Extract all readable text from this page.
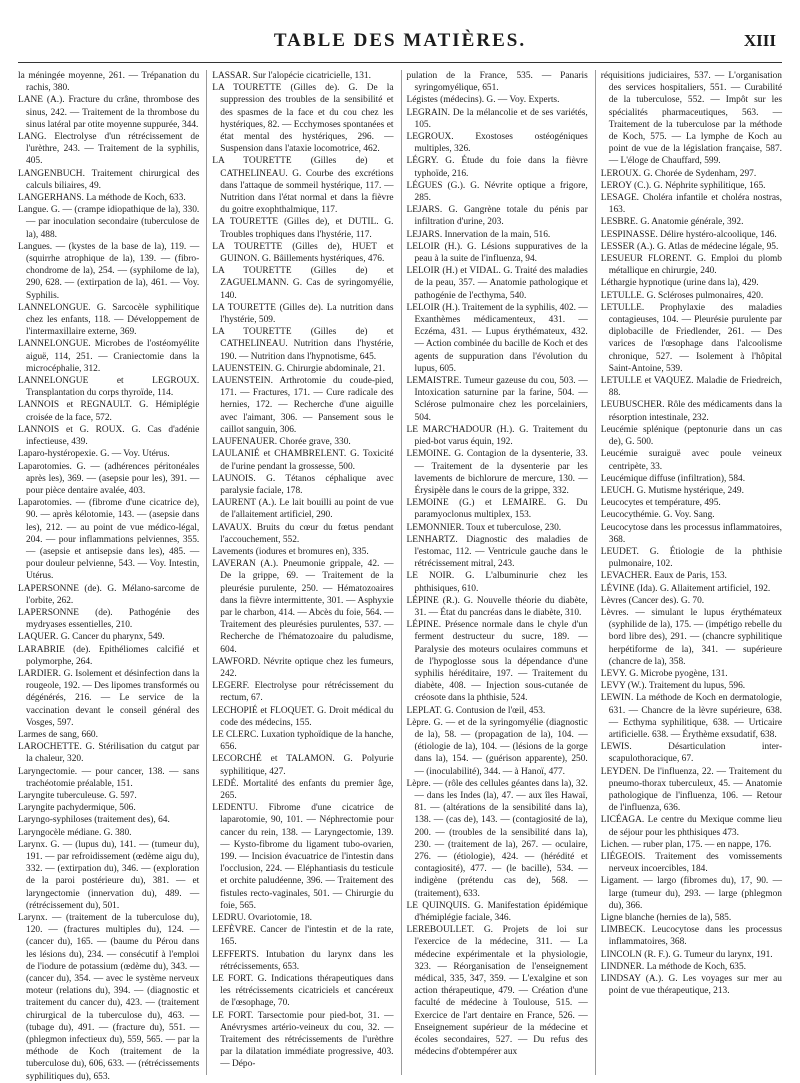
TABLE DES MATIÈRES.	XIII

la méningée moyenne, 261. — Trépanation du rachis, 380.

LANE (A.). Fracture du crâne, thrombose des sinus, 242. — Traitement de la thrombose du sinus latéral par otite moyenne suppurée, 344.

LANG. Electrolyse d'un rétrécissement de l'urèthre, 243. — Traitement de la syphilis, 405.

LANGENBUCH. Traitement chirurgical des calculs biliaires, 49.

LANGERHANS. La méthode de Koch, 633.

Langue. G. — (crampe idiopathique de la), 330. — par inoculation secondaire (tuberculose de la), 488.

Langues. — (kystes de la base de la), 119. — (squirrhe atrophique de la), 139. — (fibro-chondrome de la), 254. — (syphilome de la), 290, 628. — (extirpation de la), 461. — Voy. Syphilis.

LANNELONGUE. G. Sarcocèle syphilitique chez les enfants, 118. — Développement de l'intermaxillaire externe, 369.

LANNELONGUE. Microbes de l'ostéomyélite aiguë, 114, 251. — Craniectomie dans la microcéphalie, 312.

LANNELONGUE et LEGROUX. Transplantation du corps thyroïde, 114.

LANNOIS et REGNAULT. G. Hémiplégie croisée de la face, 572.

LANNOIS et G. ROUX. G. Cas d'adénie infectieuse, 439.

Laparo-hystéropexie. G. — Voy. Utérus.

Laparotomies. G. — (adhérences péritonéales après les), 369. — (asepsie pour les), 391. — pour pièce dentaire avalée, 403.

Laparotomies. — (fibrome d'une cicatrice de), 90. — après kélotomie, 143. — (asepsie dans les), 212. — au point de vue médico-légal, 204. — pour inflammations pelviennes, 355. — (asepsie et antisepsie dans les), 485. — pour douleur pelvienne, 543. — Voy. Intestin, Utérus.

LAPERSONNE (de). G. Mélano-sarcome de l'orbite, 262.

LAPERSONNE (de). Pathogénie des mydryases essentielles, 210.

LAQUER. G. Cancer du pharynx, 549.

LARABRIE (de). Epithéliomes calcifié et polymorphe, 264.

LARDIER. G. Isolement et désinfection dans la rougeole, 192. — Des lipomes transformés ou dégénérés, 216. — Le service de la vaccination devant le conseil général des Vosges, 597.

Larmes de sang, 660.

LAROCHETTE. G. Stérilisation du catgut par la chaleur, 320.

Laryngectomie. — pour cancer, 138. — sans trachéotomie préalable, 151.

Laryngite tuberculeuse. G. 597.

Laryngite pachydermique, 506.

Laryngo-syphiloses (traitement des), 64.

Laryngocèle médiane. G. 380.

Larynx. G. — (lupus du), 141. — (tumeur du), 191. — par refroidissement (œdème aigu du), 332. — (extirpation du), 346. — (exploration de la paroi postérieure du), 381. — et laryngectomie (innervation du), 489. — (rétrécissement du), 501.

Larynx. — (traitement de la tuberculose du), 120. — (fractures multiples du), 124. — (cancer du), 165. — (baume du Pérou dans les lésions du), 234. — consécutif à l'emploi de l'iodure de potassium (œdème du), 343. — (cancer du), 354. — avec le système nerveux moteur (relations du), 394. — (diagnostic et traitement du cancer du), 423. — (traitement chirurgical de la tuberculose du), 463. — (tubage du), 491. — (fracture du), 551. — (phlegmon infectieux du), 559, 565. — par la méthode de Koch (traitement de la tuberculose du), 606, 633. — (rétrécissements syphilitiques du), 653.

LASSAR. Sur l'alopécie cicatricielle, 131.

LA TOURETTE (Gilles de). G. De la suppression des troubles de la sensibilité et des spasmes de la face et du cou chez les hystériques, 82. — Ecchymoses spontanées et état mental des hystériques, 296. — Suspension dans l'ataxie locomotrice, 462.

LA TOURETTE (Gilles de) et CATHELINEAU. G. Courbe des excrétions dans l'attaque de sommeil hystérique, 117. — Nutrition dans l'état normal et dans la fièvre du goitre exophthalmique, 117.

LA TOURETTE (Gilles de), et DUTIL. G. Troubles trophiques dans l'hystérie, 117.

LA TOURETTE (Gilles de), HUET et GUINON. G. Bâillements hystériques, 476.

LA TOURETTE (Gilles de) et ZAGUELMANN. G. Cas de syringomyélie, 140.

LA TOURETTE (Gilles de). La nutrition dans l'hystérie, 509.

LA TOURETTE (Gilles de) et CATHELINEAU. Nutrition dans l'hystérie, 190. — Nutrition dans l'hypnotisme, 645.

LAUENSTEIN. G. Chirurgie abdominale, 21.

LAUENSTEIN. Arthrotomie du coude-pied, 171. — Fractures, 171. — Cure radicale des hernies, 172. — Recherche d'une aiguille avec l'aimant, 306. — Pansement sous le caillot sanguin, 306.

LAUFENAUER. Chorée grave, 330.

LAULANIÉ et CHAMBRELENT. G. Toxicité de l'urine pendant la grossesse, 500.

LAUNOIS. G. Tétanos céphalique avec paralysie faciale, 178.

LAURENT (A.). Le lait bouilli au point de vue de l'allaitement artificiel, 290.

LAVAUX. Bruits du cœur du fœtus pendant l'accouchement, 552.

Lavements (iodures et bromures en), 335.

LAVERAN (A.). Pneumonie grippale, 42. — De la grippe, 69. — Traitement de la pleurésie purulente, 250. — Hématozoaires dans la fièvre intermittente, 301. — Asphyxie par le charbon, 414. — Abcès du foie, 564. — Traitement des pleurésies purulentes, 537. — Recherche de l'hématozoaire du paludisme, 604.

LAWFORD. Névrite optique chez les fumeurs, 242.

LEGERF. Electrolyse pour rétrécissement du rectum, 67.

LECHOPIÉ et FLOQUET. G. Droit médical du code des médecins, 155.

LE CLERC. Luxation typhoïdique de la hanche, 656.

LECORCHÉ et TALAMON. G. Polyurie syphilitique, 427.

LEDÉ. Mortalité des enfants du premier âge, 265.

LEDENTU. Fibrome d'une cicatrice de laparotomie, 90, 101. — Néphrectomie pour cancer du rein, 138. — Laryngectomie, 139. — Kysto-fibrome du ligament tubo-ovarien, 199. — Incision évacuatrice de l'intestin dans l'occlusion, 224. — Eléphantiasis du testicule et orchite paludéenne, 396. — Traitement des fistules recto-vaginales, 501. — Chirurgie du foie, 565.

LEDRU. Ovariotomie, 18.

LEFÈVRE. Cancer de l'intestin et de la rate, 165.

LEFFERTS. Intubation du larynx dans les rétrécissements, 653.

LE FORT. G. Indications thérapeutiques dans les rétrécissements cicatriciels et cancéreux de l'œsophage, 70.

LE FORT. Tarsectomie pour pied-bot, 31. — Anévrysmes artério-veineux du cou, 32. — Traitement des rétrécissements de l'urèthre par la dilatation immédiate progressive, 403. — Dépo-

pulation de la France, 535. — Panaris syringomyélique, 651.

Légistes (médecins). G. — Voy. Experts.

LEGRAIN. De la mélancolie et de ses variétés, 105.

LEGROUX. Exostoses ostéogéniques multiples, 326.

LÉGRY. G. Étude du foie dans la fièvre typhoïde, 216.

LÉGUES (G.). G. Névrite optique a frigore, 285.

LEJARS. G. Gangrène totale du pénis par infiltration d'urine, 203.

LEJARS. Innervation de la main, 516.

LELOIR (H.). G. Lésions suppuratives de la peau à la suite de l'influenza, 94.

LELOIR (H.) et VIDAL. G. Traité des maladies de la peau, 357. — Anatomie pathologique et pathogénie de l'ecthyma, 540.

LELOIR (H.). Traitement de la syphilis, 402. — Exanthèmes médicamenteux, 431. — Eczéma, 431. — Lupus érythémateux, 432. — Action combinée du bacille de Koch et des agents de suppuration dans l'évolution du lupus, 605.

LEMAISTRE. Tumeur gazeuse du cou, 503. — Intoxication saturnine par la farine, 504. — Sclérose pulmonaire chez les porcelainiers, 504.

LE MARC'HADOUR (H.). G. Traitement du pied-bot varus équin, 192.

LEMOINE. G. Contagion de la dysenterie, 33. — Traitement de la dysenterie par les lavements de bichlorure de mercure, 130. — Érysipèle dans le cours de la grippe, 332.

LEMOINE (G.) et LEMAIRE. G. Du paramyoclonus multiplex, 153.

LEMONNIER. Toux et tuberculose, 230.

LENHARTZ. Diagnostic des maladies de l'estomac, 112. — Ventricule gauche dans le rétrécissement mitral, 243.

LE NOIR. G. L'albuminurie chez les phthisiques, 610.

LÉPINE (R.). G. Nouvelle théorie du diabète, 31. — État du pancréas dans le diabète, 310.

LÉPINE. Présence normale dans le chyle d'un ferment destructeur du sucre, 189. — Paralysie des moteurs oculaires communs et de l'hypoglosse sous la dépendance d'une syphilis héréditaire, 197. — Traitement du diabète, 408. — Injection sous-cutanée de créosote dans la phthisie, 524.

LEPLAT. G. Contusion de l'œil, 453.

Lèpre. G. — et de la syringomyélie (diagnostic de la), 58. — (propagation de la), 104. — (étiologie de la), 104. — (lésions de la gorge dans la), 154. — (guérison apparente), 250. — (inoculabilité), 344. — à Hanoï, 477.

Lèpre. — (rôle des cellules géantes dans la), 32. — dans les Indes (la), 47. — aux îles Hawaï, 81. — (altérations de la sensibilité dans la), 138. — (cas de), 143. — (contagiosité de la), 200. — (troubles de la sensibilité dans la), 230. — (traitement de la), 267. — oculaire, 276. — (étiologie), 424. — (hérédité et contagiosité), 477. — (le bacille), 534. — indigène (prétendu cas de), 568. — (traitement), 633.

LE QUINQUIS. G. Manifestation épidémique d'hémiplégie faciale, 346.

LEREBOULLET. G. Projets de loi sur l'exercice de la médecine, 311. — La médecine expérimentale et la physiologie, 323. — Réorganisation de l'enseignement médical, 335, 347, 359. — L'exalgine et son action thérapeutique, 479. — Création d'une faculté de médecine à Toulouse, 515. — Exercice de l'art dentaire en France, 526. — Enseignement supérieur de la médecine et écoles secondaires, 527. — Du refus des médecins d'obtempérer aux

réquisitions judiciaires, 537. — L'organisation des services hospitaliers, 551. — Curabilité de la tuberculose, 552. — Impôt sur les spécialités pharmaceutiques, 563. — Traitement de la tuberculose par la méthode de Koch, 575. — La lymphe de Koch au point de vue de la législation française, 587. — L'éloge de Chauffard, 599.

LEROUX. G. Chorée de Sydenham, 297.

LEROY (C.). G. Néphrite syphilitique, 165.

LESAGE. Choléra infantile et choléra nostras, 163.

LESBRE. G. Anatomie générale, 392.

LESPINASSE. Délire hystéro-alcoolique, 146.

LESSER (A.). G. Atlas de médecine légale, 95.

LESUEUR FLORENT. G. Emploi du plomb métallique en chirurgie, 240.

Léthargie hypnotique (urine dans la), 429.

LETULLE. G. Scléroses pulmonaires, 420.

LETULLE. Prophylaxie des maladies contagieuses, 104. — Pleurésie purulente par diplobacille de Friedlender, 261. — Des varices de l'œsophage dans l'alcoolisme chronique, 527. — Isolement à l'hôpital Saint-Antoine, 539.

LETULLE et VAQUEZ. Maladie de Friedreich, 88.

LEUBUSCHER. Rôle des médicaments dans la résorption intestinale, 232.

Leucémie splénique (peptonurie dans un cas de), G. 500.

Leucémie suraiguë avec poule veineux centripète, 33.

Leucémique diffuse (infiltration), 584.

LEUCH. G. Mutisme hystérique, 249.

Leucocytes et température, 495.

Leucocythémie. G. Voy. Sang.

Leucocytose dans les processus inflammatoires, 368.

LEUDET. G. Étiologie de la phthisie pulmonaire, 102.

LEVACHER. Eaux de Paris, 153.

LÉVINE (Ida). G. Allaitement artificiel, 192.

Lèvres (Cancer des). G. 70.

Lèvres. — simulant le lupus érythémateux (syphilide de la), 175. — (impétigo rebelle du bord libre des), 291. — (chancre syphilitique herpétiforme de la), 341. — supérieure (chancre de la), 358.

LEVY. G. Microbe pyogène, 131.

LEVY (W.). Traitement du lupus, 596.

LEWIN. La méthode de Koch en dermatologie, 631. — Chancre de la lèvre supérieure, 638. — Ecthyma syphilitique, 638. — Urticaire artificielle. 638. — Érythème exsudatif, 638.

LEWIS. Désarticulation inter-scapulothoracique, 67.

LEYDEN. De l'influenza, 22. — Traitement du pneumo-thorax tuberculeux, 45. — Anatomie pathologique de l'influenza, 106. — Retour de l'influenza, 636.

LICÉAGA. Le centre du Mexique comme lieu de séjour pour les phthisiques 473.

Lichen. — ruber plan, 175. — en nappe, 176.

LIÉGEOIS. Traitement des vomissements nerveux incoercibles, 184.

Ligament. — largo (fibromes du), 17, 90. — large (tumeur du), 293. — large (phlegmon du), 366.

Ligne blanche (hernies de la), 585.

LIMBECK. Leucocytose dans les processus inflammatoires, 368.

LINCOLN (R. F.). G. Tumeur du larynx, 191.

LINDNER. La méthode de Koch, 635.

LINDSAY (A.). G. Les voyages sur mer au point de vue thérapeutique, 213.
